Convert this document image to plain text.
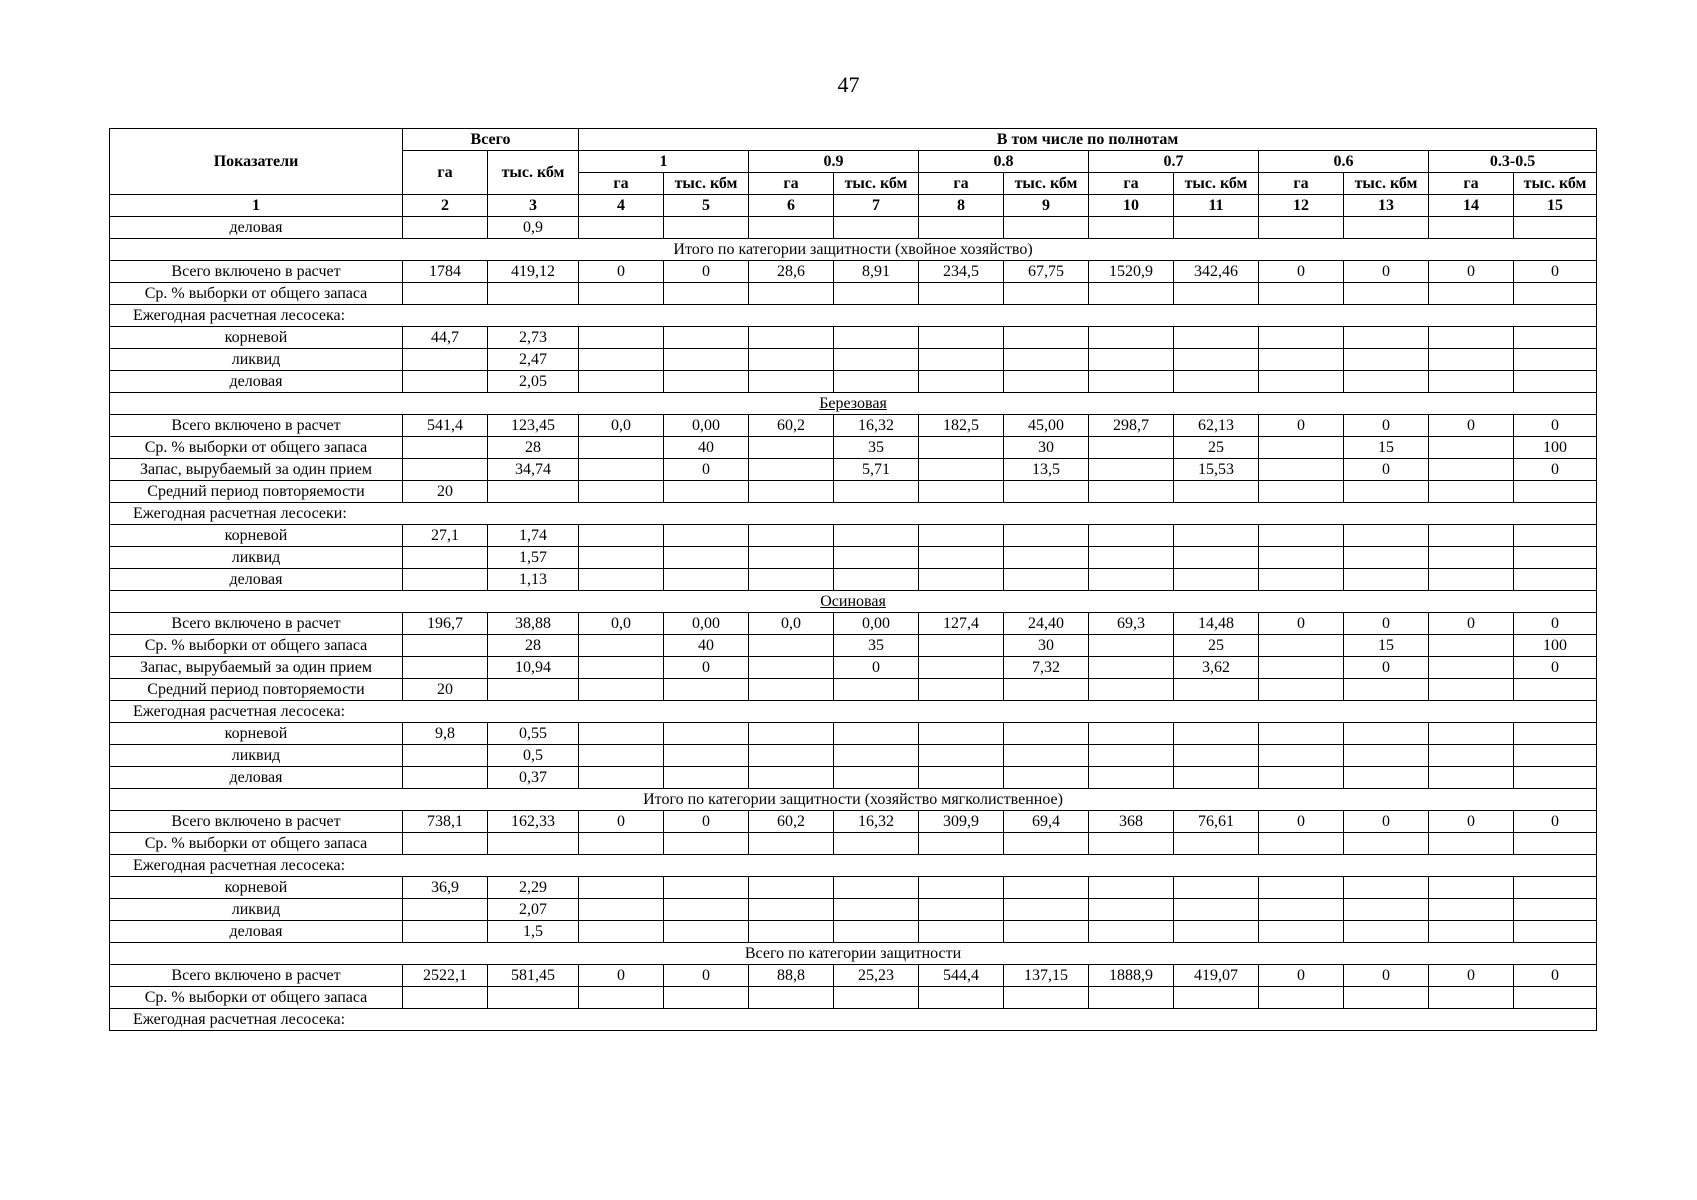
47
Показатели	Всего		В том числе по полнотам											
	га	тыс. кбм	1		0.9		0.8		0.7		0.6		0.3-0.5	
			га	тыс. кбм	га	тыс. кбм	га	тыс. кбм	га	тыс. кбм	га	тыс. кбм	га	тыс. кбм
1	2	3	4	5	6	7	8	9	10	11	12	13	14	15
деловая		0,9												
Итого по категории защитности (хвойное хозяйство)														
Всего включено в расчет	1784	419,12	0	0	28,6	8,91	234,5	67,75	1520,9	342,46	0	0	0	0
Ср. % выборки от общего запаса														
Ежегодная расчетная лесосека:														
корневой	44,7	2,73												
ликвид		2,47												
деловая		2,05												
Березовая														
Всего включено в расчет	541,4	123,45	0,0	0,00	60,2	16,32	182,5	45,00	298,7	62,13	0	0	0	0
Ср. % выборки от общего запаса		28		40		35		30		25		15		100
Запас, вырубаемый за один прием		34,74		0		5,71		13,5		15,53		0		0
Средний период повторяемости	20													
Ежегодная расчетная лесосеки:														
корневой	27,1	1,74												
ликвид		1,57												
деловая		1,13												
Осиновая														
Всего включено в расчет	196,7	38,88	0,0	0,00	0,0	0,00	127,4	24,40	69,3	14,48	0	0	0	0
Ср. % выборки от общего запаса		28		40		35		30		25		15		100
Запас, вырубаемый за один прием		10,94		0		0		7,32		3,62		0		0
Средний период повторяемости	20													
Ежегодная расчетная лесосека:														
корневой	9,8	0,55												
ликвид		0,5												
деловая		0,37												
Итого по категории защитности (хозяйство мягколиственное)														
Всего включено в расчет	738,1	162,33	0	0	60,2	16,32	309,9	69,4	368	76,61	0	0	0	0
Ср. % выборки от общего запаса														
Ежегодная расчетная лесосека:														
корневой	36,9	2,29												
ликвид		2,07												
деловая		1,5												
Всего по категории защитности														
Всего включено в расчет	2522,1	581,45	0	0	88,8	25,23	544,4	137,15	1888,9	419,07	0	0	0	0
Ср. % выборки от общего запаса														
Ежегодная расчетная лесосека:														
